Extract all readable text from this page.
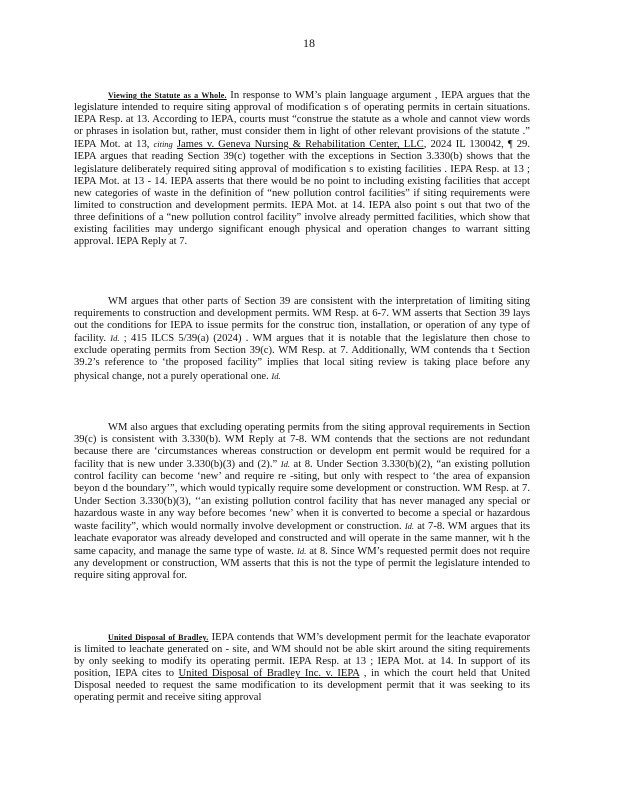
18

Viewing the Statute as a Whole. In response to WM’s plain language argument , IEPA argues that the legislature intended to require siting approval of modification s of operating permits in certain situations. IEPA Resp. at 13. According to IEPA, courts must “construe the statute as a whole and cannot view words or phrases in isolation but, rather, must consider them in light of other relevant provisions of the statute .” IEPA Mot. at 13, citing James v. Geneva Nursing & Rehabilitation Center, LLC, 2024 IL 130042, ¶ 29. IEPA argues that reading Section 39(c) together with the exceptions in Section 3.330(b) shows that the legislature deliberately required siting approval of modification s to existing facilities . IEPA Resp. at 13 ; IEPA Mot. at 13 - 14. IEPA asserts that there would be no point to including existing facilities that accept new categories of waste in the definition of “new pollution control facilities” if siting requirements were limited to construction and development permits. IEPA Mot. at 14. IEPA also point s out that two of the three definitions of a “new pollution control facility” involve already permitted facilities, which show that existing facilities may undergo significant enough physical and operation changes to warrant sitting approval. IEPA Reply at 7.

WM argues that other parts of Section 39 are consistent with the interpretation of limiting siting requirements to construction and development permits. WM Resp. at 6-7. WM asserts that Section 39 lays out the conditions for IEPA to issue permits for the construc tion, installation, or operation of any type of facility. Id. ; 415 ILCS 5/39(a) (2024) . WM argues that it is notable that the legislature then chose to exclude operating permits from Section 39(c). WM Resp. at 7. Additionally, WM contends tha t Section 39.2’s reference to ‘the proposed facility” implies that local siting review is taking place before any physical change, not a purely operational one. Id.

WM also argues that excluding operating permits from the siting approval requirements in Section 39(c) is consistent with 3.330(b). WM Reply at 7-8. WM contends that the sections are not redundant because there are ‘circumstances whereas construction or developm ent permit would be required for a facility that is new under 3.330(b)(3) and (2).” Id. at 8. Under Section 3.330(b)(2), “an existing pollution control facility can become ‘new’ and require re -siting, but only with respect to ‘the area of expansion beyon d the boundary’”, which would typically require some development or construction. WM Resp. at 7. Under Section 3.330(b)(3), ‘‘an existing pollution control facility that has never managed any special or hazardous waste in any way before becomes ‘new’ when it is converted to become a special or hazardous waste facility”, which would normally involve development or construction. Id. at 7-8. WM argues that its leachate evaporator was already developed and constructed and will operate in the same manner, wit h the same capacity, and manage the same type of waste. Id. at 8. Since WM’s requested permit does not require any development or construction, WM asserts that this is not the type of permit the legislature intended to require siting approval for.

United Disposal of Bradley. IEPA contends that WM’s development permit for the leachate evaporator is limited to leachate generated on - site, and WM should not be able skirt around the siting requirements by only seeking to modify its operating permit. IEPA Resp. at 13 ; IEPA Mot. at 14. In support of its position, IEPA cites to United Disposal of Bradley Inc. v. IEPA , in which the court held that United Disposal needed to request the same modification to its development permit that it was seeking to its operating permit and receive siting approval
